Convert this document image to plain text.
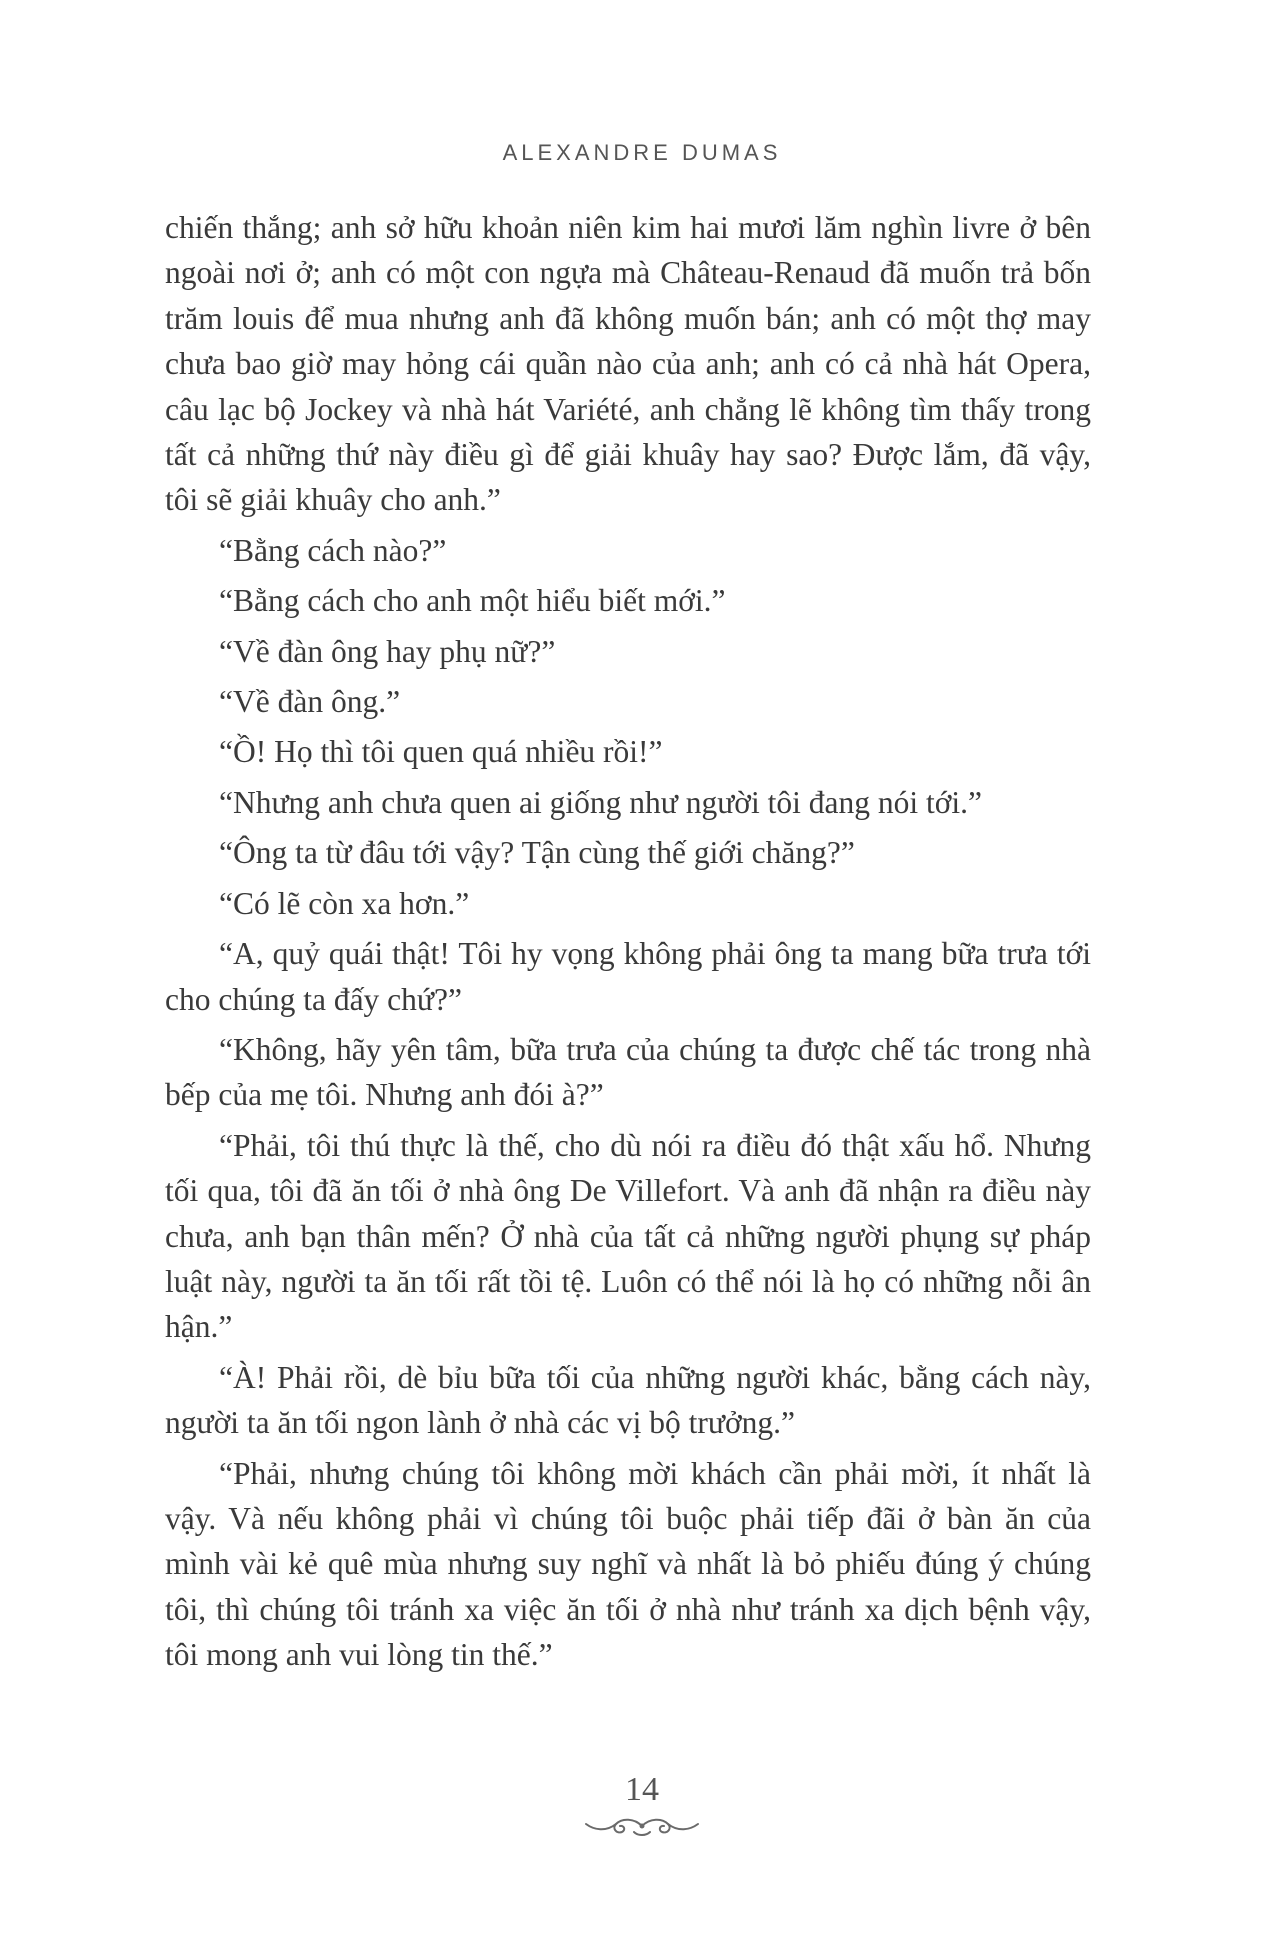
ALEXANDRE DUMAS

chiến thắng; anh sở hữu khoản niên kim hai mươi lăm nghìn livre ở bên ngoài nơi ở; anh có một con ngựa mà Château-Renaud đã muốn trả bốn trăm louis để mua nhưng anh đã không muốn bán; anh có một thợ may chưa bao giờ may hỏng cái quần nào của anh; anh có cả nhà hát Opera, câu lạc bộ Jockey và nhà hát Variété, anh chẳng lẽ không tìm thấy trong tất cả những thứ này điều gì để giải khuây hay sao? Được lắm, đã vậy, tôi sẽ giải khuây cho anh.”

“Bằng cách nào?”

“Bằng cách cho anh một hiểu biết mới.”

“Về đàn ông hay phụ nữ?”

“Về đàn ông.”

“Ồ! Họ thì tôi quen quá nhiều rồi!”

“Nhưng anh chưa quen ai giống như người tôi đang nói tới.”

“Ông ta từ đâu tới vậy? Tận cùng thế giới chăng?”

“Có lẽ còn xa hơn.”

“A, quỷ quái thật! Tôi hy vọng không phải ông ta mang bữa trưa tới cho chúng ta đấy chứ?”

“Không, hãy yên tâm, bữa trưa của chúng ta được chế tác trong nhà bếp của mẹ tôi. Nhưng anh đói à?”

“Phải, tôi thú thực là thế, cho dù nói ra điều đó thật xấu hổ. Nhưng tối qua, tôi đã ăn tối ở nhà ông De Villefort. Và anh đã nhận ra điều này chưa, anh bạn thân mến? Ở nhà của tất cả những người phụng sự pháp luật này, người ta ăn tối rất tồi tệ. Luôn có thể nói là họ có những nỗi ân hận.”

“À! Phải rồi, dè bỉu bữa tối của những người khác, bằng cách này, người ta ăn tối ngon lành ở nhà các vị bộ trưởng.”

“Phải, nhưng chúng tôi không mời khách cần phải mời, ít nhất là vậy. Và nếu không phải vì chúng tôi buộc phải tiếp đãi ở bàn ăn của mình vài kẻ quê mùa nhưng suy nghĩ và nhất là bỏ phiếu đúng ý chúng tôi, thì chúng tôi tránh xa việc ăn tối ở nhà như tránh xa dịch bệnh vậy, tôi mong anh vui lòng tin thế.”

14
